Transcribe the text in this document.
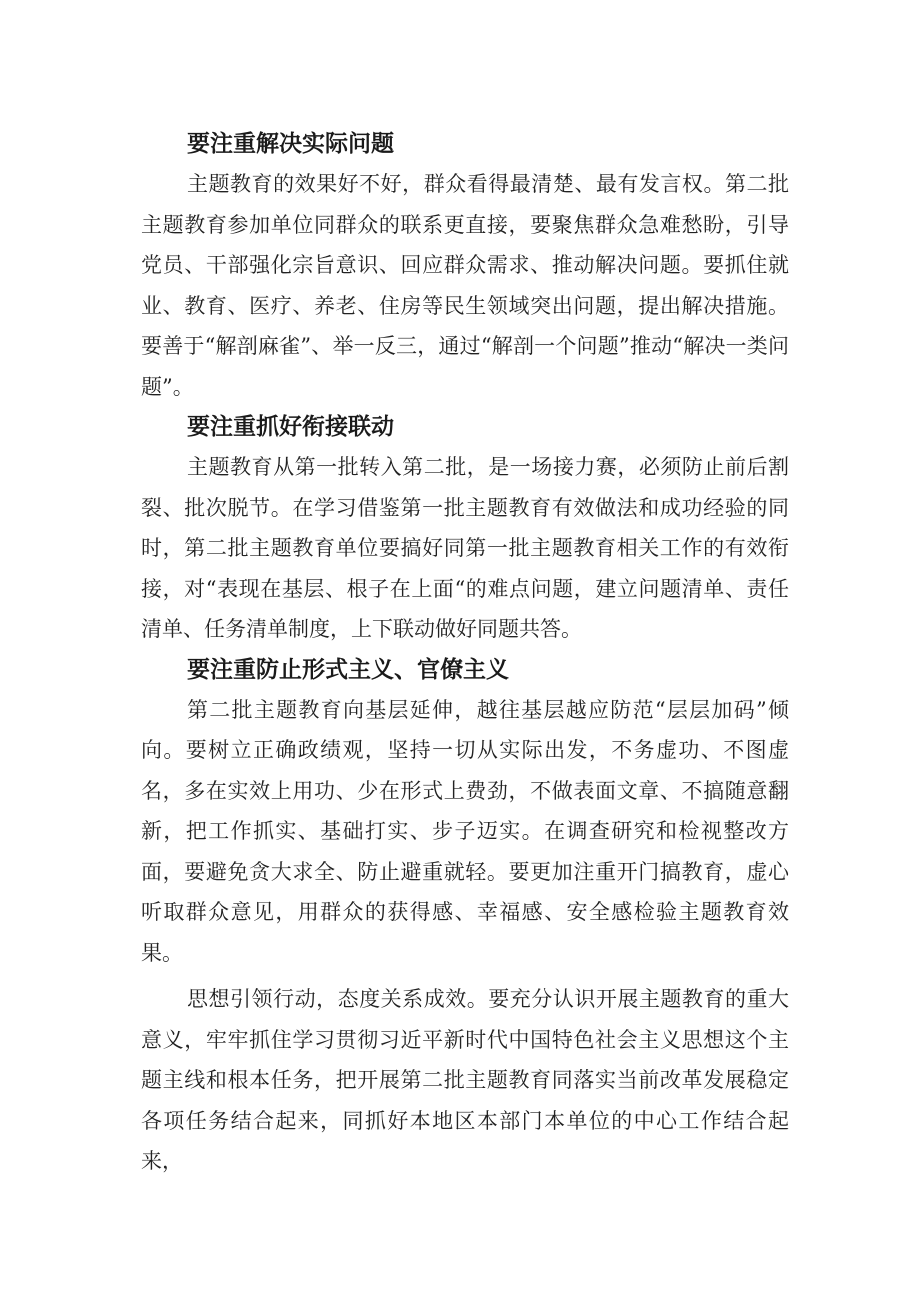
要注重解决实际问题

主题教育的效果好不好，群众看得最清楚、最有发言权。第二批主题教育参加单位同群众的联系更直接，要聚焦群众急难愁盼，引导党员、干部强化宗旨意识、回应群众需求、推动解决问题。要抓住就业、教育、医疗、养老、住房等民生领域突出问题，提出解决措施。要善于“解剖麻雀”、举一反三，通过“解剖一个问题”推动“解决一类问题”。

要注重抓好衔接联动

主题教育从第一批转入第二批，是一场接力赛，必须防止前后割裂、批次脱节。在学习借鉴第一批主题教育有效做法和成功经验的同时，第二批主题教育单位要搞好同第一批主题教育相关工作的有效衔接，对“表现在基层、根子在上面“的难点问题，建立问题清单、责任清单、任务清单制度，上下联动做好同题共答。

要注重防止形式主义、官僚主义

第二批主题教育向基层延伸，越往基层越应防范“层层加码”倾向。要树立正确政绩观，坚持一切从实际出发，不务虚功、不图虚名，多在实效上用功、少在形式上费劲，不做表面文章、不搞随意翻新，把工作抓实、基础打实、步子迈实。在调查研究和检视整改方面，要避免贪大求全、防止避重就轻。要更加注重开门搞教育，虚心听取群众意见，用群众的获得感、幸福感、安全感检验主题教育效果。

思想引领行动，态度关系成效。要充分认识开展主题教育的重大意义，牢牢抓住学习贯彻习近平新时代中国特色社会主义思想这个主题主线和根本任务，把开展第二批主题教育同落实当前改革发展稳定各项任务结合起来，同抓好本地区本部门本单位的中心工作结合起来，
